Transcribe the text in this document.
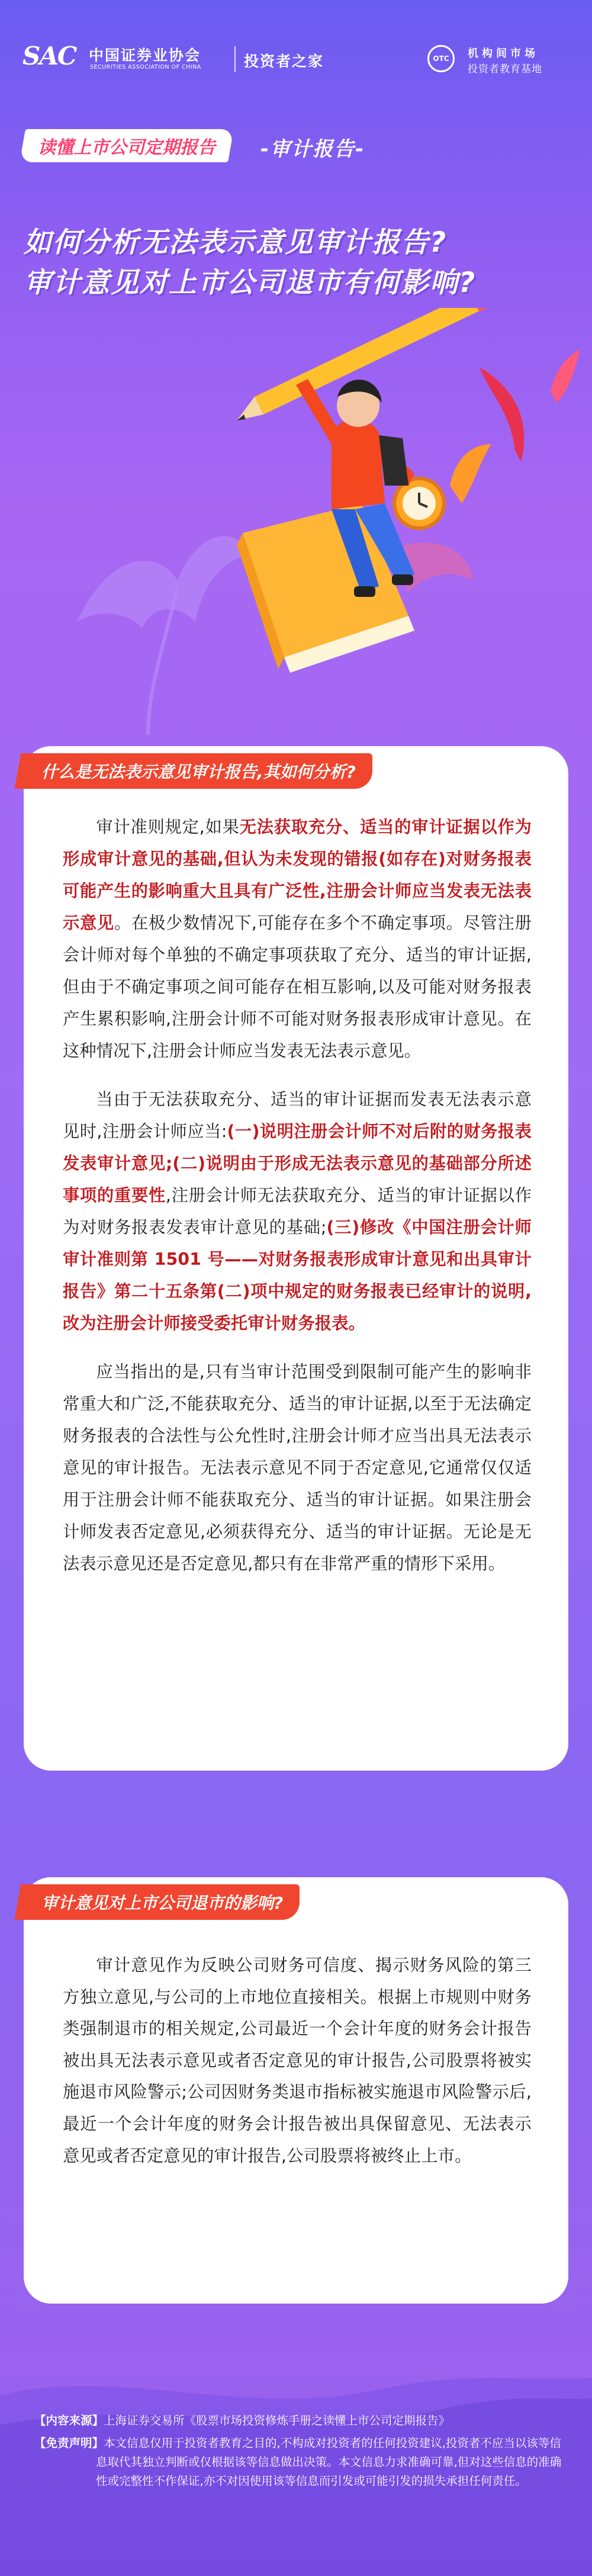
SAC 中国证券业协会
SECURITIES ASSOCIATION OF CHINA	投资者之家	OTC	机构间市场
投资者教育基地
读懂上市公司定期报告 -审计报告-
如何分析无法表示意见审计报告?
审计意见对上市公司退市有何影响?
什么是无法表示意见审计报告,其如何分析?

审计准则规定,如果无法获取充分、适当的审计证据以作为形成审计意见的基础,但认为未发现的错报(如存在)对财务报表可能产生的影响重大且具有广泛性,注册会计师应当发表无法表示意见。在极少数情况下,可能存在多个不确定事项。尽管注册会计师对每个单独的不确定事项获取了充分、适当的审计证据,但由于不确定事项之间可能存在相互影响,以及可能对财务报表产生累积影响,注册会计师不可能对财务报表形成审计意见。在这种情况下,注册会计师应当发表无法表示意见。

当由于无法获取充分、适当的审计证据而发表无法表示意见时,注册会计师应当:(一)说明注册会计师不对后附的财务报表发表审计意见;(二)说明由于形成无法表示意见的基础部分所述事项的重要性,注册会计师无法获取充分、适当的审计证据以作为对财务报表发表审计意见的基础;(三)修改《中国注册会计师审计准则第 1501 号——对财务报表形成审计意见和出具审计报告》第二十五条第(二)项中规定的财务报表已经审计的说明,改为注册会计师接受委托审计财务报表。

应当指出的是,只有当审计范围受到限制可能产生的影响非常重大和广泛,不能获取充分、适当的审计证据,以至于无法确定财务报表的合法性与公允性时,注册会计师才应当出具无法表示意见的审计报告。无法表示意见不同于否定意见,它通常仅仅适用于注册会计师不能获取充分、适当的审计证据。如果注册会计师发表否定意见,必须获得充分、适当的审计证据。无论是无法表示意见还是否定意见,都只有在非常严重的情形下采用。

审计意见对上市公司退市的影响?

审计意见作为反映公司财务可信度、揭示财务风险的第三方独立意见,与公司的上市地位直接相关。根据上市规则中财务类强制退市的相关规定,公司最近一个会计年度的财务会计报告被出具无法表示意见或者否定意见的审计报告,公司股票将被实施退市风险警示;公司因财务类退市指标被实施退市风险警示后,最近一个会计年度的财务会计报告被出具保留意见、无法表示意见或者否定意见的审计报告,公司股票将被终止上市。

【内容来源】上海证券交易所《股票市场投资修炼手册之读懂上市公司定期报告》
【免责声明】本文信息仅用于投资者教育之目的,不构成对投资者的任何投资建议,投资者不应当以该等信息取代其独立判断或仅根据该等信息做出决策。本文信息力求准确可靠,但对这些信息的准确性或完整性不作保证,亦不对因使用该等信息而引发或可能引发的损失承担任何责任。
